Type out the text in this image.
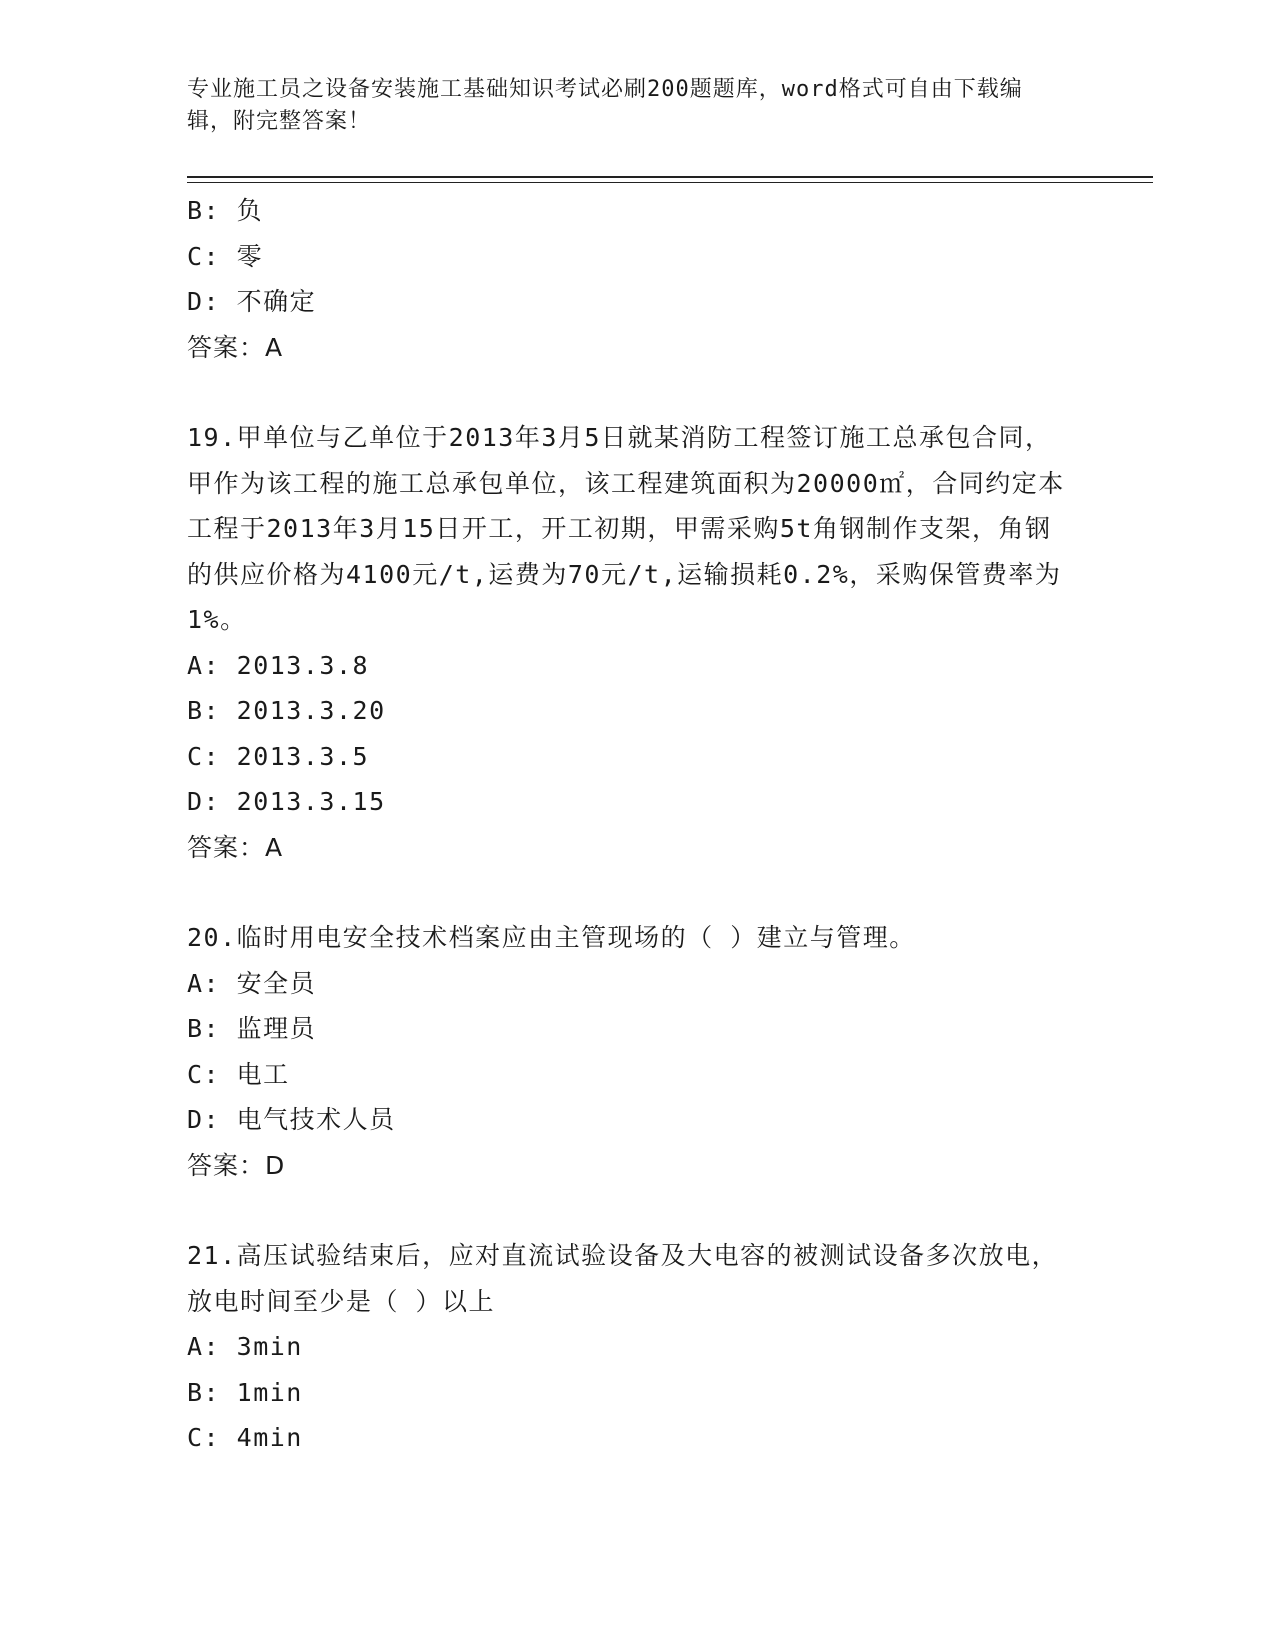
专业施工员之设备安装施工基础知识考试必刷200题题库，word格式可自由下载编辑，附完整答案！
B: 负
C: 零
D: 不确定
答案：A
19.甲单位与乙单位于2013年3月5日就某消防工程签订施工总承包合同，甲作为该工程的施工总承包单位，该工程建筑面积为20000㎡，合同约定本工程于2013年3月15日开工，开工初期，甲需采购5t角钢制作支架，角钢的供应价格为4100元/t,运费为70元/t,运输损耗0.2%，采购保管费率为1%。
A: 2013.3.8
B: 2013.3.20
C: 2013.3.5
D: 2013.3.15
答案：A
20.临时用电安全技术档案应由主管现场的（ ）建立与管理。
A: 安全员
B: 监理员
C: 电工
D: 电气技术人员
答案：D
21.高压试验结束后，应对直流试验设备及大电容的被测试设备多次放电，放电时间至少是（ ）以上
A: 3min
B: 1min
C: 4min
